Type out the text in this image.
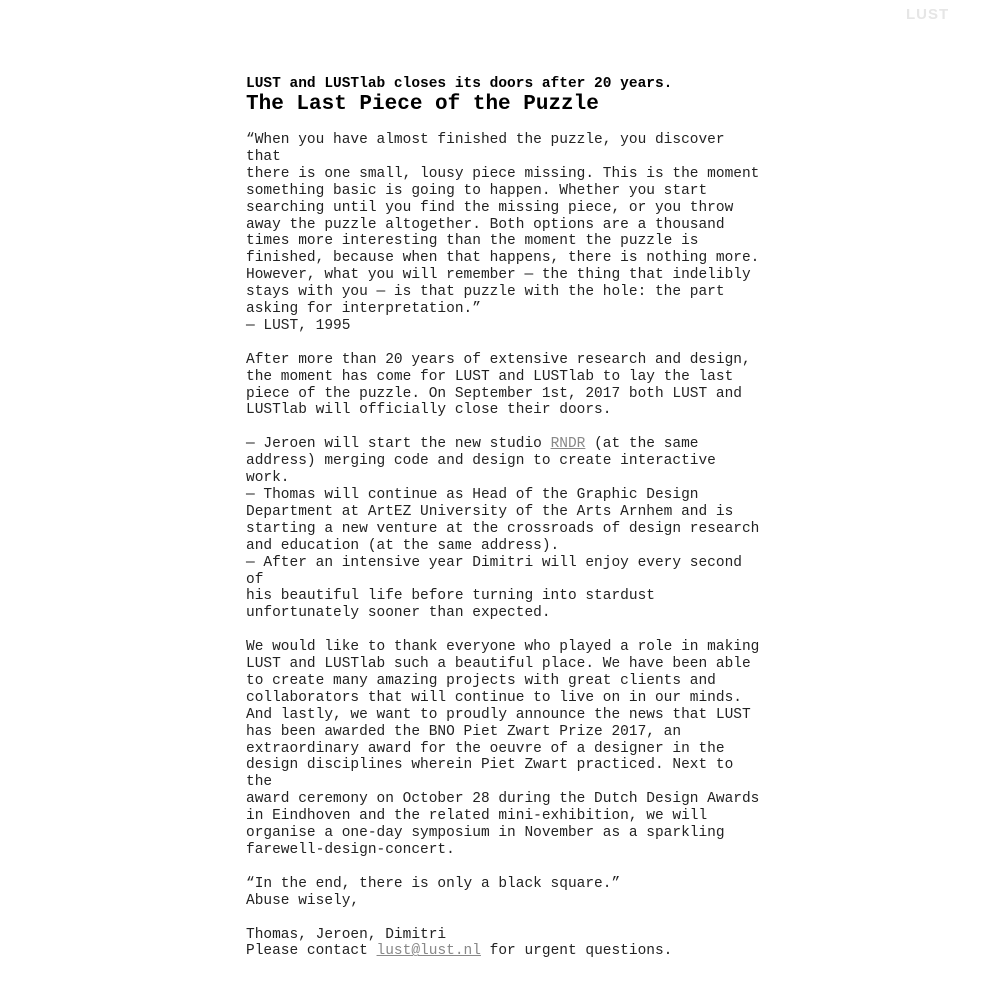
LUST
LUST and LUSTlab closes its doors after 20 years.
The Last Piece of the Puzzle

“When you have almost finished the puzzle, you discover that
there is one small, lousy piece missing. This is the moment
something basic is going to happen. Whether you start
searching until you find the missing piece, or you throw
away the puzzle altogether. Both options are a thousand
times more interesting than the moment the puzzle is
finished, because when that happens, there is nothing more.
However, what you will remember — the thing that indelibly
stays with you — is that puzzle with the hole: the part
asking for interpretation.”
— LUST, 1995

After more than 20 years of extensive research and design,
the moment has come for LUST and LUSTlab to lay the last
piece of the puzzle. On September 1st, 2017 both LUST and
LUSTlab will officially close their doors.

— Jeroen will start the new studio RNDR (at the same
address) merging code and design to create interactive work.

— Thomas will continue as Head of the Graphic Design
Department at ArtEZ University of the Arts Arnhem and is
starting a new venture at the crossroads of design research
and education (at the same address).

— After an intensive year Dimitri will enjoy every second of
his beautiful life before turning into stardust
unfortunately sooner than expected.

We would like to thank everyone who played a role in making
LUST and LUSTlab such a beautiful place. We have been able
to create many amazing projects with great clients and
collaborators that will continue to live on in our minds.
And lastly, we want to proudly announce the news that LUST
has been awarded the BNO Piet Zwart Prize 2017, an
extraordinary award for the oeuvre of a designer in the
design disciplines wherein Piet Zwart practiced. Next to the
award ceremony on October 28 during the Dutch Design Awards
in Eindhoven and the related mini-exhibition, we will
organise a one-day symposium in November as a sparkling
farewell-design-concert.

“In the end, there is only a black square.”

Abuse wisely,

Thomas, Jeroen, Dimitri

Please contact lust@lust.nl for urgent questions.
